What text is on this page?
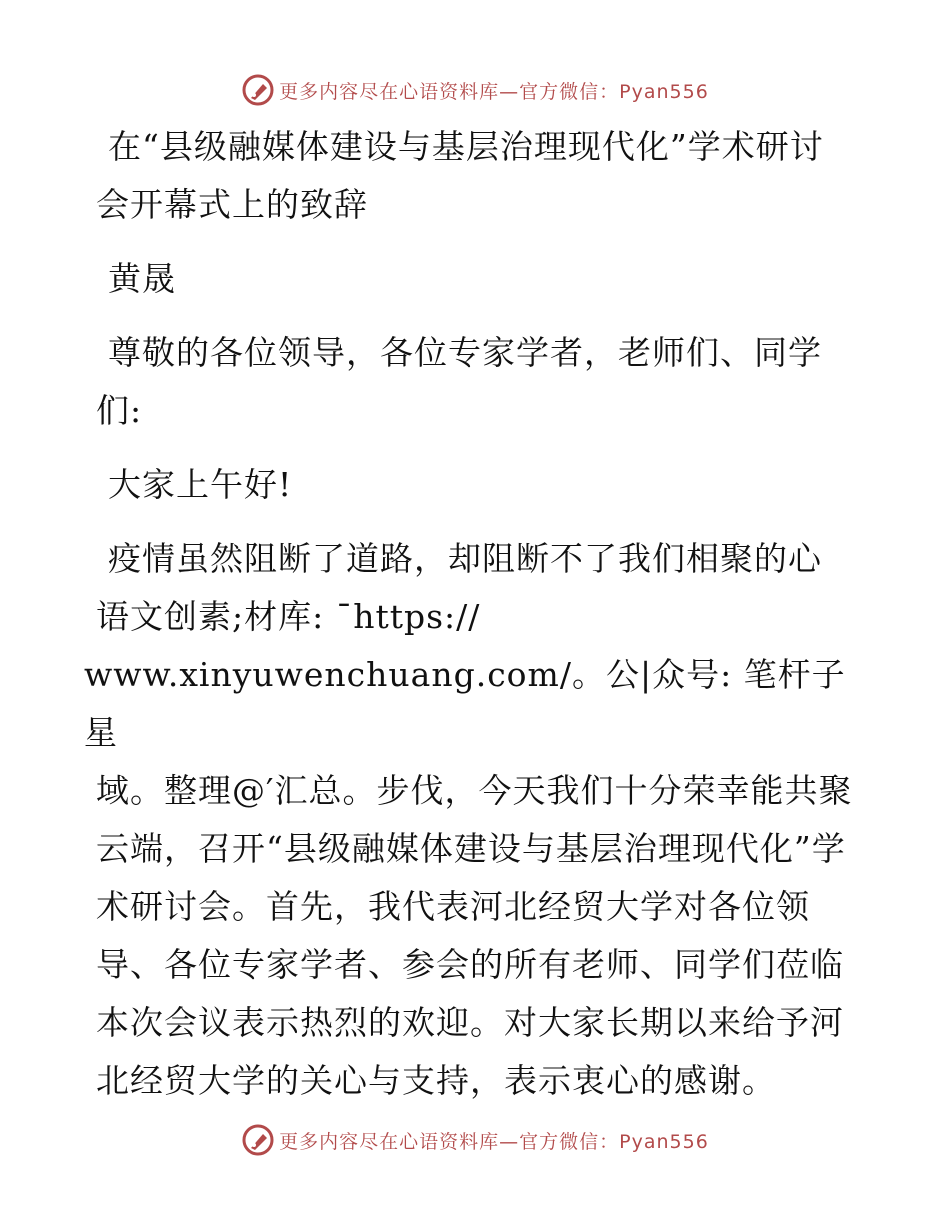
更多内容尽在心语资料库—官方微信：Pyan556

在“县级融媒体建设与基层治理现代化”学术研讨会开幕式上的致辞

黄晟

尊敬的各位领导，各位专家学者，老师们、同学们:

大家上午好!

疫情虽然阻断了道路，却阻断不了我们相聚的心
语文创素;材库: ¯https://
www.xinyuwenchuang.com/。公|众号: 笔杆子星

域。整理@′汇总。步伐，今天我们十分荣幸能共聚云端，召开“县级融媒体建设与基层治理现代化”学术研讨会。首先，我代表河北经贸大学对各位领导、各位专家学者、参会的所有老师、同学们莅临本次会议表示热烈的欢迎。对大家长期以来给予河北经贸大学的关心与支持，表示衷心的感谢。

更多内容尽在心语资料库—官方微信：Pyan556
